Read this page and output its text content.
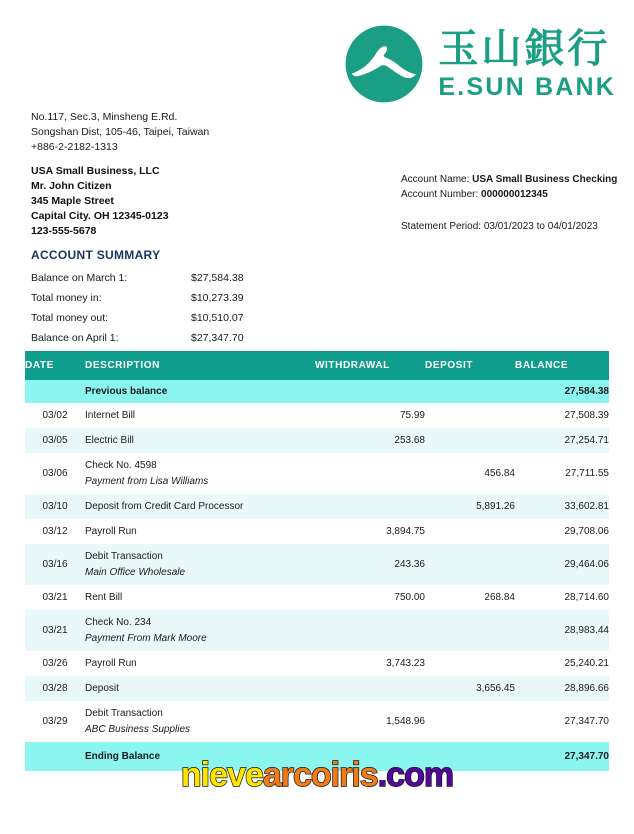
玉山銀行
E.SUN BANK
No.117, Sec.3, Minsheng E.Rd.
Songshan Dist, 105-46, Taipei, Taiwan
+886-2-2182-1313
USA Small Business, LLC
Mr. John Citizen
345 Maple Street
Capital City. OH 12345-0123
123-555-5678
Account Name: USA Small Business Checking
Account Number: 000000012345
Statement Period: 03/01/2023 to 04/01/2023
ACCOUNT SUMMARY
Balance on March 1:	$27,584.38
Total money in:	$10,273.39
Total money out:	$10,510.07
Balance on April 1:	$27,347.70
DATE	DESCRIPTION	WITHDRAWAL	DEPOSIT	BALANCE
	Previous balance			27,584.38
03/02	Internet Bill	75.99		27,508.39
03/05	Electric Bill	253.68		27,254.71
03/06	Check No. 4598
Payment from Lisa Williams		456.84	27,711.55
03/10	Deposit from Credit Card Processor		5,891.26	33,602.81
03/12	Payroll Run	3,894.75		29,708.06
03/16	Debit Transaction
Main Office Wholesale	243.36		29,464.06
03/21	Rent Bill	750.00	268.84	28,714.60
03/21	Check No. 234
Payment From Mark Moore			28,983.44
03/26	Payroll Run	3,743.23		25,240.21
03/28	Deposit		3,656.45	28,896.66
03/29	Debit Transaction
ABC Business Supplies	1,548.96		27,347.70
	Ending Balance			27,347.70
nievearcoiris.com
